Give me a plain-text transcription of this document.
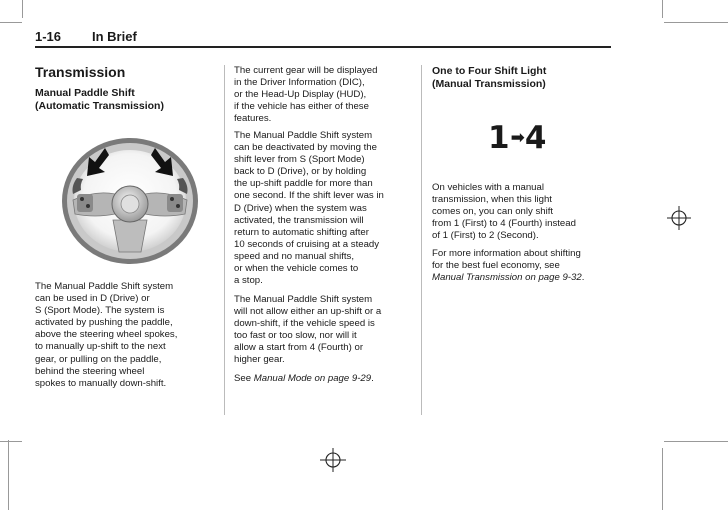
1-16 In Brief
Transmission
Manual Paddle Shift
(Automatic Transmission)
The Manual Paddle Shift system
can be used in D (Drive) or
S (Sport Mode). The system is
activated by pushing the paddle,
above the steering wheel spokes,
to manually up-shift to the next
gear, or pulling on the paddle,
behind the steering wheel
spokes to manually down-shift.
The current gear will be displayed
in the Driver Information (DIC),
or the Head-Up Display (HUD),
if the vehicle has either of these
features.
The Manual Paddle Shift system
can be deactivated by moving the
shift lever from S (Sport Mode)
back to D (Drive), or by holding
the up-shift paddle for more than
one second. If the shift lever was in
D (Drive) when the system was
activated, the transmission will
return to automatic shifting after
10 seconds of cruising at a steady
speed and no manual shifts,
or when the vehicle comes to
a stop.
The Manual Paddle Shift system
will not allow either an up-shift or a
down-shift, if the vehicle speed is
too fast or too slow, nor will it
allow a start from 4 (Fourth) or
higher gear.
See Manual Mode on page 9-29.
One to Four Shift Light
(Manual Transmission)
1 ➡ 4
On vehicles with a manual
transmission, when this light
comes on, you can only shift
from 1 (First) to 4 (Fourth) instead
of 1 (First) to 2 (Second).
For more information about shifting
for the best fuel economy, see
Manual Transmission on page 9-32.
